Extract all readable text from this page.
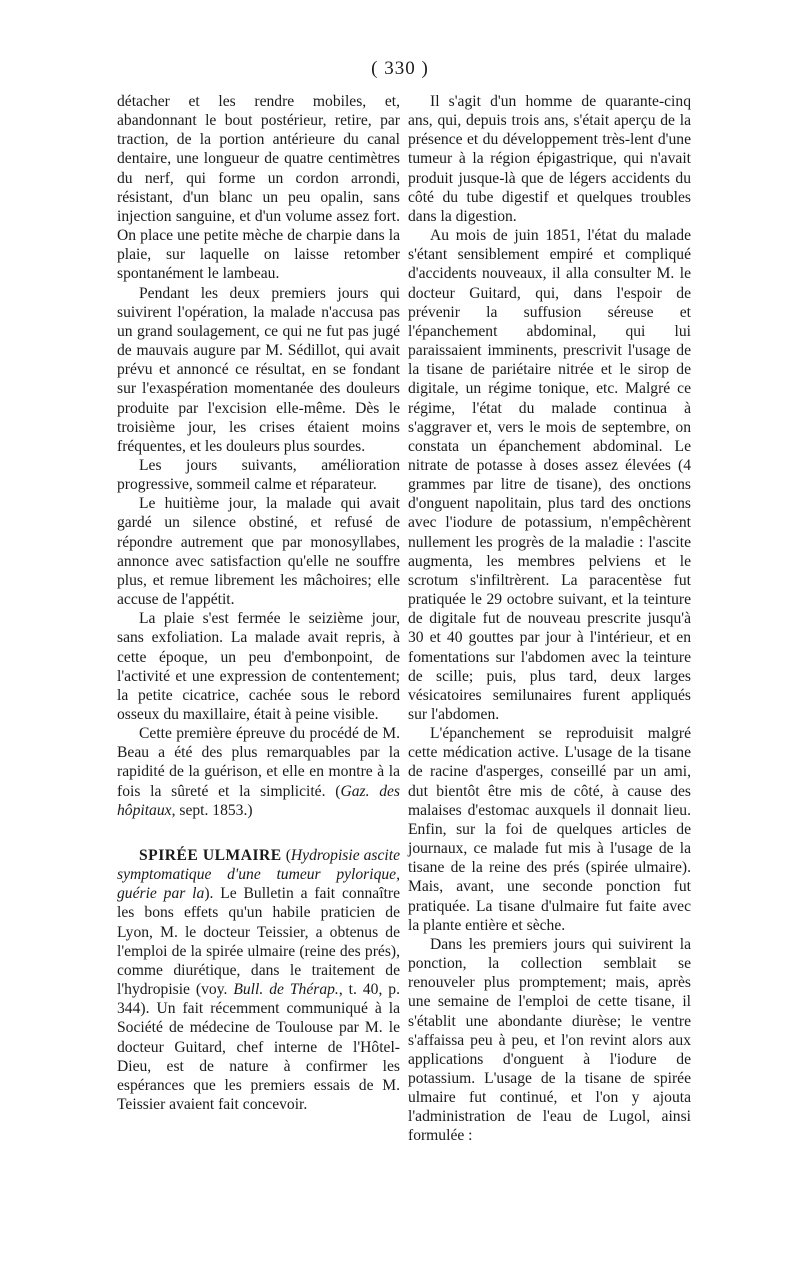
( 330 )

détacher et les rendre mobiles, et, abandonnant le bout postérieur, retire, par traction, de la portion antérieure du canal dentaire, une longueur de quatre centimètres du nerf, qui forme un cordon arrondi, résistant, d'un blanc un peu opalin, sans injection sanguine, et d'un volume assez fort. On place une petite mèche de charpie dans la plaie, sur laquelle on laisse retomber spontanément le lambeau.

Pendant les deux premiers jours qui suivirent l'opération, la malade n'accusa pas un grand soulagement, ce qui ne fut pas jugé de mauvais augure par M. Sédillot, qui avait prévu et annoncé ce résultat, en se fondant sur l'exaspération momentanée des douleurs produite par l'excision elle-même. Dès le troisième jour, les crises étaient moins fréquentes, et les douleurs plus sourdes.

Les jours suivants, amélioration progressive, sommeil calme et réparateur.

Le huitième jour, la malade qui avait gardé un silence obstiné, et refusé de répondre autrement que par monosyllabes, annonce avec satisfaction qu'elle ne souffre plus, et remue librement les mâchoires; elle accuse de l'appétit.

La plaie s'est fermée le seizième jour, sans exfoliation. La malade avait repris, à cette époque, un peu d'embonpoint, de l'activité et une expression de contentement; la petite cicatrice, cachée sous le rebord osseux du maxillaire, était à peine visible.

Cette première épreuve du procédé de M. Beau a été des plus remarquables par la rapidité de la guérison, et elle en montre à la fois la sûreté et la simplicité. (Gaz. des hôpitaux, sept. 1853.)

SPIRÉE ULMAIRE (Hydropisie ascite symptomatique d'une tumeur pylorique, guérie par la). Le Bulletin a fait connaître les bons effets qu'un habile praticien de Lyon, M. le docteur Teissier, a obtenus de l'emploi de la spirée ulmaire (reine des prés), comme diurétique, dans le traitement de l'hydropisie (voy. Bull. de Thérap., t. 40, p. 344). Un fait récemment communiqué à la Société de médecine de Toulouse par M. le docteur Guitard, chef interne de l'Hôtel-Dieu, est de nature à confirmer les espérances que les premiers essais de M. Teissier avaient fait concevoir.

Il s'agit d'un homme de quarante-cinq ans, qui, depuis trois ans, s'était aperçu de la présence et du développement très-lent d'une tumeur à la région épigastrique, qui n'avait produit jusque-là que de légers accidents du côté du tube digestif et quelques troubles dans la digestion.

Au mois de juin 1851, l'état du malade s'étant sensiblement empiré et compliqué d'accidents nouveaux, il alla consulter M. le docteur Guitard, qui, dans l'espoir de prévenir la suffusion séreuse et l'épanchement abdominal, qui lui paraissaient imminents, prescrivit l'usage de la tisane de pariétaire nitrée et le sirop de digitale, un régime tonique, etc. Malgré ce régime, l'état du malade continua à s'aggraver et, vers le mois de septembre, on constata un épanchement abdominal. Le nitrate de potasse à doses assez élevées (4 grammes par litre de tisane), des onctions d'onguent napolitain, plus tard des onctions avec l'iodure de potassium, n'empêchèrent nullement les progrès de la maladie : l'ascite augmenta, les membres pelviens et le scrotum s'infiltrèrent. La paracentèse fut pratiquée le 29 octobre suivant, et la teinture de digitale fut de nouveau prescrite jusqu'à 30 et 40 gouttes par jour à l'intérieur, et en fomentations sur l'abdomen avec la teinture de scille; puis, plus tard, deux larges vésicatoires semilunaires furent appliqués sur l'abdomen.

L'épanchement se reproduisit malgré cette médication active. L'usage de la tisane de racine d'asperges, conseillé par un ami, dut bientôt être mis de côté, à cause des malaises d'estomac auxquels il donnait lieu. Enfin, sur la foi de quelques articles de journaux, ce malade fut mis à l'usage de la tisane de la reine des prés (spirée ulmaire). Mais, avant, une seconde ponction fut pratiquée. La tisane d'ulmaire fut faite avec la plante entière et sèche.

Dans les premiers jours qui suivirent la ponction, la collection semblait se renouveler plus promptement; mais, après une semaine de l'emploi de cette tisane, il s'établit une abondante diurèse; le ventre s'affaissa peu à peu, et l'on revint alors aux applications d'onguent à l'iodure de potassium. L'usage de la tisane de spirée ulmaire fut continué, et l'on y ajouta l'administration de l'eau de Lugol, ainsi formulée :
